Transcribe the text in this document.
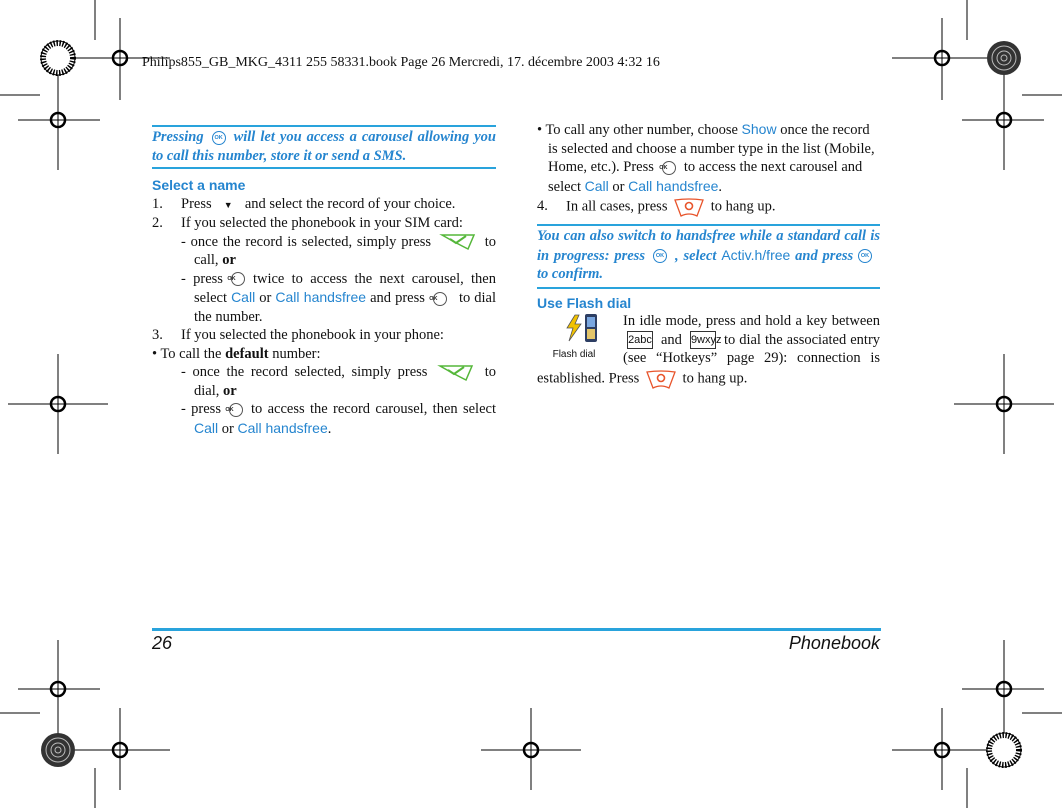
Philips855_GB_MKG_4311 255 58331.book Page 26 Mercredi, 17. décembre 2003 4:32 16
Pressing OK will let you access a carousel allowing you to call this number, store it or send a SMS.
Select a name
1. Press ▼ and select the record of your choice.
2. If you selected the phonebook in your SIM card:
- once the record is selected, simply press	to call, or
- press OK twice to access the next carousel, then select Call or Call handsfree and press OK to dial the number.
3. If you selected the phonebook in your phone:
• To call the default number:
- once the record selected, simply press	to dial, or
- press OK to access the record carousel, then select Call or Call handsfree.
• To call any other number, choose Show once the record is selected and choose a number type in the list (Mobile, Home, etc.). Press OK to access the next carousel and select Call or Call handsfree.
4. In all cases, press	to hang up.
You can also switch to handsfree while a standard call is in progress: press OK , select Activ.h/free and press OKto confirm.
Use Flash dial
Flash dial
In idle mode, press and hold a key between 2abc and 9wxyz to dial the associated entry (see “Hotkeys” page 29): connection is established. Press	to hang up.
26	Phonebook
